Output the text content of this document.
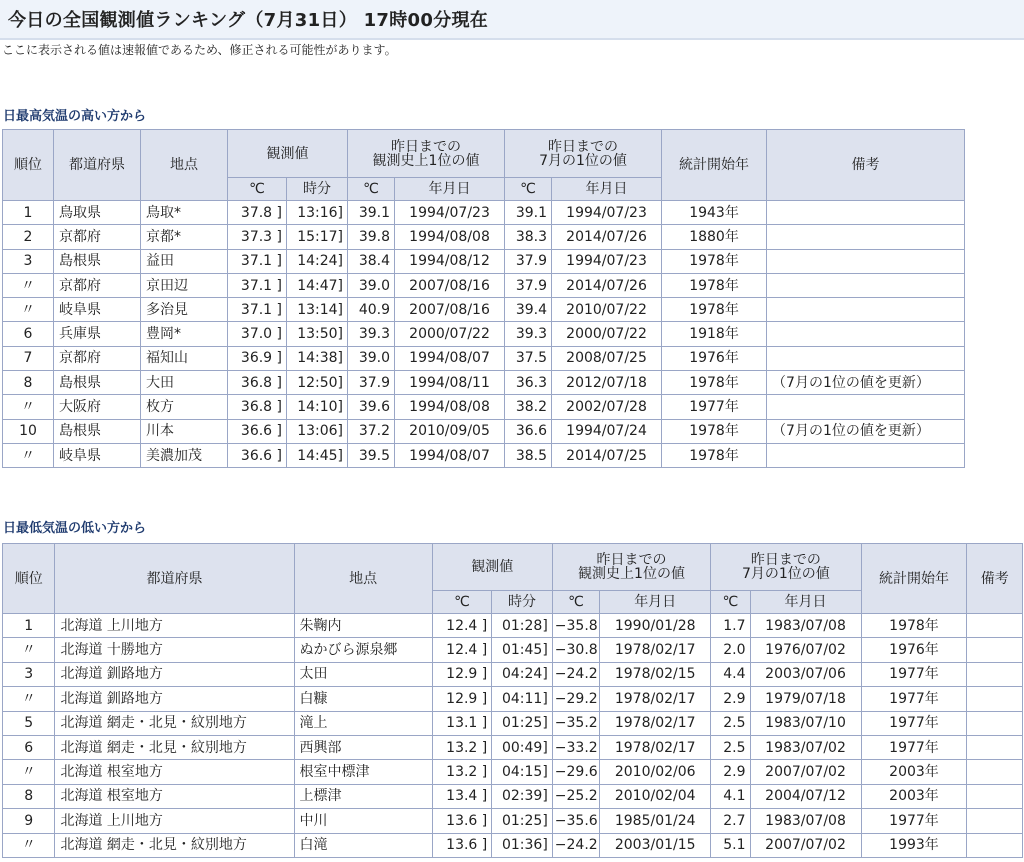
今日の全国観測値ランキング（7月31日） 17時00分現在
ここに表示される値は速報値であるため、修正される可能性があります。
日最高気温の高い方から
順位	都道府県	地点	観測値		昨日までの
観測史上1位の値		昨日までの
7月の1位の値		統計開始年	備考
			℃	時分	℃	年月日	℃	年月日		
1	鳥取県	鳥取*	37.8 ]	13:16]	39.1	1994/07/23	39.1	1994/07/23	1943年	
2	京都府	京都*	37.3 ]	15:17]	39.8	1994/08/08	38.3	2014/07/26	1880年	
3	島根県	益田	37.1 ]	14:24]	38.4	1994/08/12	37.9	1994/07/23	1978年	
〃	京都府	京田辺	37.1 ]	14:47]	39.0	2007/08/16	37.9	2014/07/26	1978年	
〃	岐阜県	多治見	37.1 ]	13:14]	40.9	2007/08/16	39.4	2010/07/22	1978年	
6	兵庫県	豊岡*	37.0 ]	13:50]	39.3	2000/07/22	39.3	2000/07/22	1918年	
7	京都府	福知山	36.9 ]	14:38]	39.0	1994/08/07	37.5	2008/07/25	1976年	
8	島根県	大田	36.8 ]	12:50]	37.9	1994/08/11	36.3	2012/07/18	1978年	（7月の1位の値を更新）
〃	大阪府	枚方	36.8 ]	14:10]	39.6	1994/08/08	38.2	2002/07/28	1977年	
10	島根県	川本	36.6 ]	13:06]	37.2	2010/09/05	36.6	1994/07/24	1978年	（7月の1位の値を更新）
〃	岐阜県	美濃加茂	36.6 ]	14:45]	39.5	1994/08/07	38.5	2014/07/25	1978年	
日最低気温の低い方から
順位	都道府県	地点	観測値		昨日までの
観測史上1位の値		昨日までの
7月の1位の値		統計開始年	備考
			℃	時分	℃	年月日	℃	年月日		
1	北海道 上川地方	朱鞠内	12.4 ]	01:28]	−35.8	1990/01/28	1.7	1983/07/08	1978年	
〃	北海道 十勝地方	ぬかびら源泉郷	12.4 ]	01:45]	−30.8	1978/02/17	2.0	1976/07/02	1976年	
3	北海道 釧路地方	太田	12.9 ]	04:24]	−24.2	1978/02/15	4.4	2003/07/06	1977年	
〃	北海道 釧路地方	白糠	12.9 ]	04:11]	−29.2	1978/02/17	2.9	1979/07/18	1977年	
5	北海道 網走・北見・紋別地方	滝上	13.1 ]	01:25]	−35.2	1978/02/17	2.5	1983/07/10	1977年	
6	北海道 網走・北見・紋別地方	西興部	13.2 ]	00:49]	−33.2	1978/02/17	2.5	1983/07/02	1977年	
〃	北海道 根室地方	根室中標津	13.2 ]	04:15]	−29.6	2010/02/06	2.9	2007/07/02	2003年	
8	北海道 根室地方	上標津	13.4 ]	02:39]	−25.2	2010/02/04	4.1	2004/07/12	2003年	
9	北海道 上川地方	中川	13.6 ]	01:25]	−35.6	1985/01/24	2.7	1983/07/08	1977年	
〃	北海道 網走・北見・紋別地方	白滝	13.6 ]	01:36]	−24.2	2003/01/15	5.1	2007/07/02	1993年	
